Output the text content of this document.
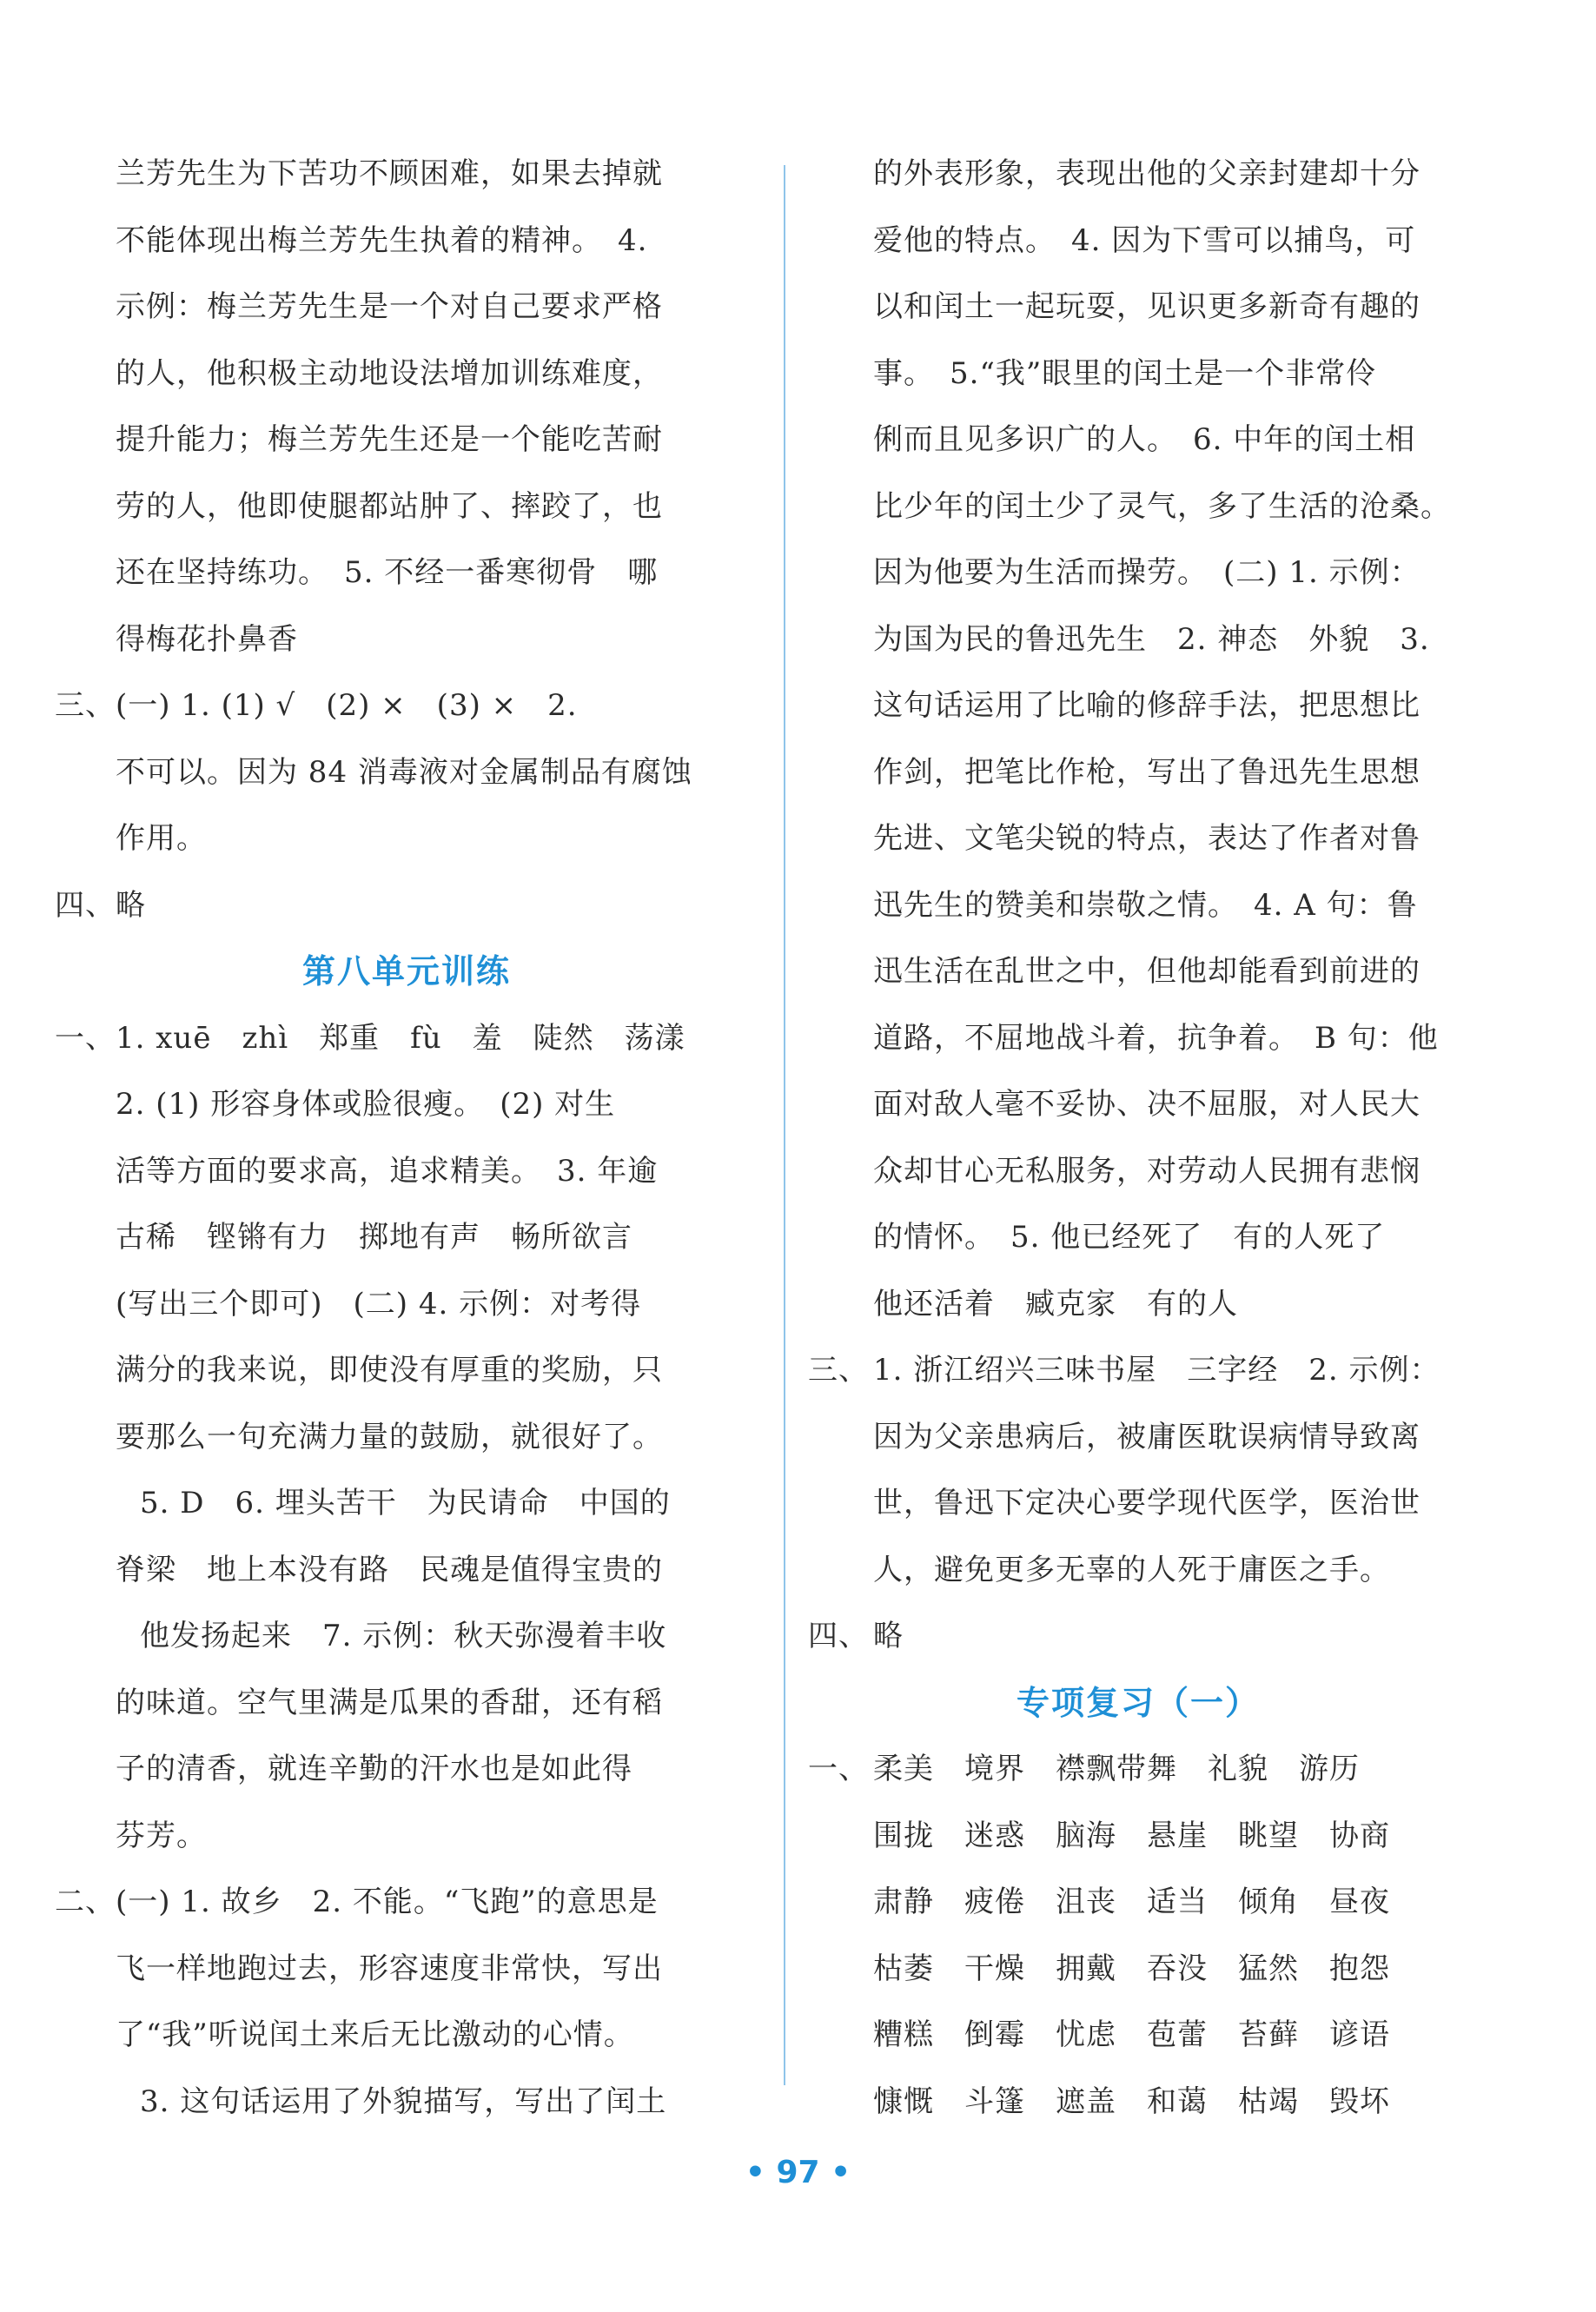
兰芳先生为下苦功不顾困难，如果去掉就
不能体现出梅兰芳先生执着的精神。　4.
示例：梅兰芳先生是一个对自己要求严格
的人，他积极主动地设法增加训练难度，
提升能力；梅兰芳先生还是一个能吃苦耐
劳的人，他即使腿都站肿了、摔跤了，也
还在坚持练功。　5. 不经一番寒彻骨　哪
得梅花扑鼻香
三、(一) 1. (1) √　(2) ×　(3) ×　2.
不可以。因为 84 消毒液对金属制品有腐蚀
作用。
四、略
第八单元训练
一、1. xuē　zhì　郑重　fù　羞　陡然　荡漾
2. (1) 形容身体或脸很瘦。　(2) 对生
活等方面的要求高，追求精美。　3. 年逾
古稀　铿锵有力　掷地有声　畅所欲言
(写出三个即可)　(二) 4. 示例：对考得
满分的我来说，即使没有厚重的奖励，只
要那么一句充满力量的鼓励，就很好了。
5. D　6. 埋头苦干　为民请命　中国的
脊梁　地上本没有路　民魂是值得宝贵的
他发扬起来　7. 示例：秋天弥漫着丰收
的味道。空气里满是瓜果的香甜，还有稻
子的清香，就连辛勤的汗水也是如此得
芬芳。
二、(一) 1. 故乡　2. 不能。“飞跑”的意思是
飞一样地跑过去，形容速度非常快，写出
了“我”听说闰土来后无比激动的心情。
3. 这句话运用了外貌描写，写出了闰土
的外表形象，表现出他的父亲封建却十分
爱他的特点。　4. 因为下雪可以捕鸟，可
以和闰土一起玩耍，见识更多新奇有趣的
事。　5.“我”眼里的闰土是一个非常伶
俐而且见多识广的人。　6. 中年的闰土相
比少年的闰土少了灵气，多了生活的沧桑。
因为他要为生活而操劳。　(二) 1. 示例：
为国为民的鲁迅先生　2. 神态　外貌　3.
这句话运用了比喻的修辞手法，把思想比
作剑，把笔比作枪，写出了鲁迅先生思想
先进、文笔尖锐的特点，表达了作者对鲁
迅先生的赞美和崇敬之情。　4. A 句：鲁
迅生活在乱世之中，但他却能看到前进的
道路，不屈地战斗着，抗争着。　B 句：他
面对敌人毫不妥协、决不屈服，对人民大
众却甘心无私服务，对劳动人民拥有悲悯
的情怀。　5. 他已经死了　有的人死了
他还活着　臧克家　有的人
三、 1. 浙江绍兴三味书屋　三字经　2. 示例：
因为父亲患病后，被庸医耽误病情导致离
世，鲁迅下定决心要学现代医学，医治世
人，避免更多无辜的人死于庸医之手。
四、 略
专项复习（一）
一、 柔美　境界　襟飘带舞　礼貌　游历
围拢　迷惑　脑海　悬崖　眺望　协商
肃静　疲倦　沮丧　适当　倾角　昼夜
枯萎　干燥　拥戴　吞没　猛然　抱怨
糟糕　倒霉　忧虑　苞蕾　苔藓　谚语
慷慨　斗篷　遮盖　和蔼　枯竭　毁坏
• 97 •
